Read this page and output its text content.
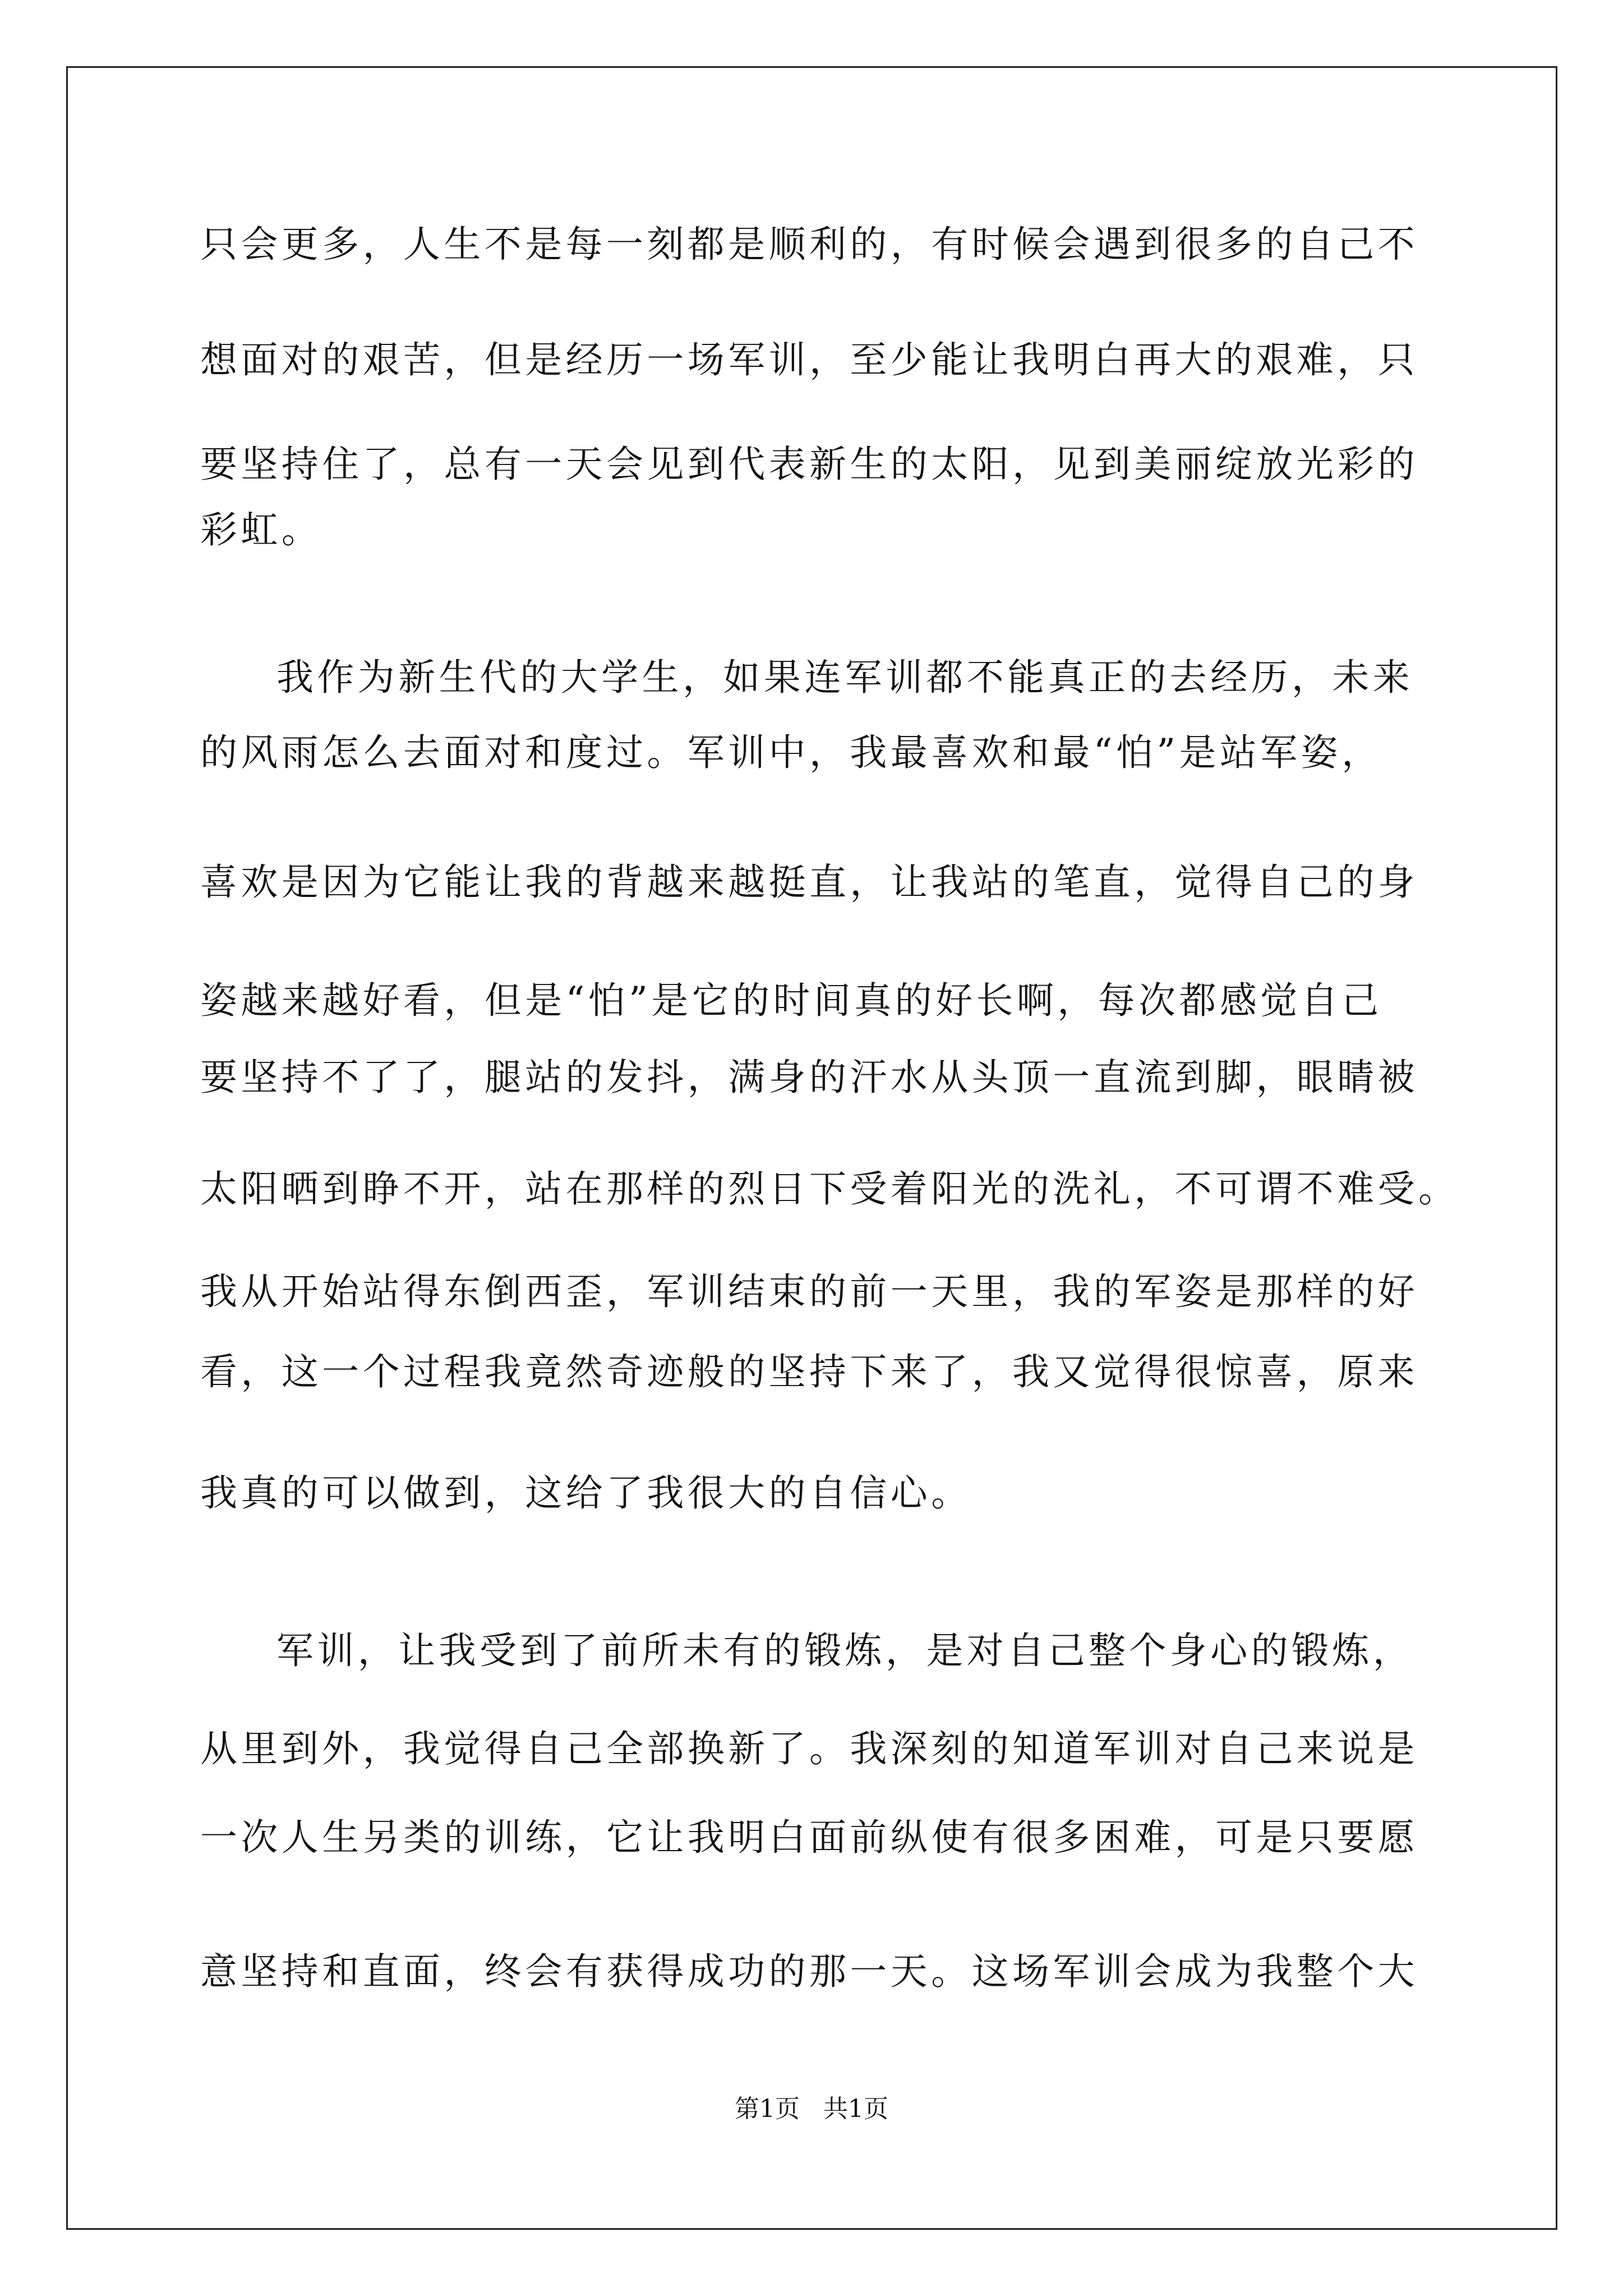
只会更多，人生不是每一刻都是顺利的，有时候会遇到很多的自己不

想面对的艰苦，但是经历一场军训，至少能让我明白再大的艰难，只

要坚持住了，总有一天会见到代表新生的太阳，见到美丽绽放光彩的

彩虹。

我作为新生代的大学生，如果连军训都不能真正的去经历，未来

的风雨怎么去面对和度过。军训中，我最喜欢和最“怕”是站军姿，

喜欢是因为它能让我的背越来越挺直，让我站的笔直，觉得自己的身

姿越来越好看，但是“怕”是它的时间真的好长啊，每次都感觉自己

要坚持不了了，腿站的发抖，满身的汗水从头顶一直流到脚，眼睛被

太阳晒到睁不开，站在那样的烈日下受着阳光的洗礼，不可谓不难受。

我从开始站得东倒西歪，军训结束的前一天里，我的军姿是那样的好

看，这一个过程我竟然奇迹般的坚持下来了，我又觉得很惊喜，原来

我真的可以做到，这给了我很大的自信心。

军训，让我受到了前所未有的锻炼，是对自己整个身心的锻炼，

从里到外，我觉得自己全部换新了。我深刻的知道军训对自己来说是

一次人生另类的训练，它让我明白面前纵使有很多困难，可是只要愿

意坚持和直面，终会有获得成功的那一天。这场军训会成为我整个大

第1页   共1页
